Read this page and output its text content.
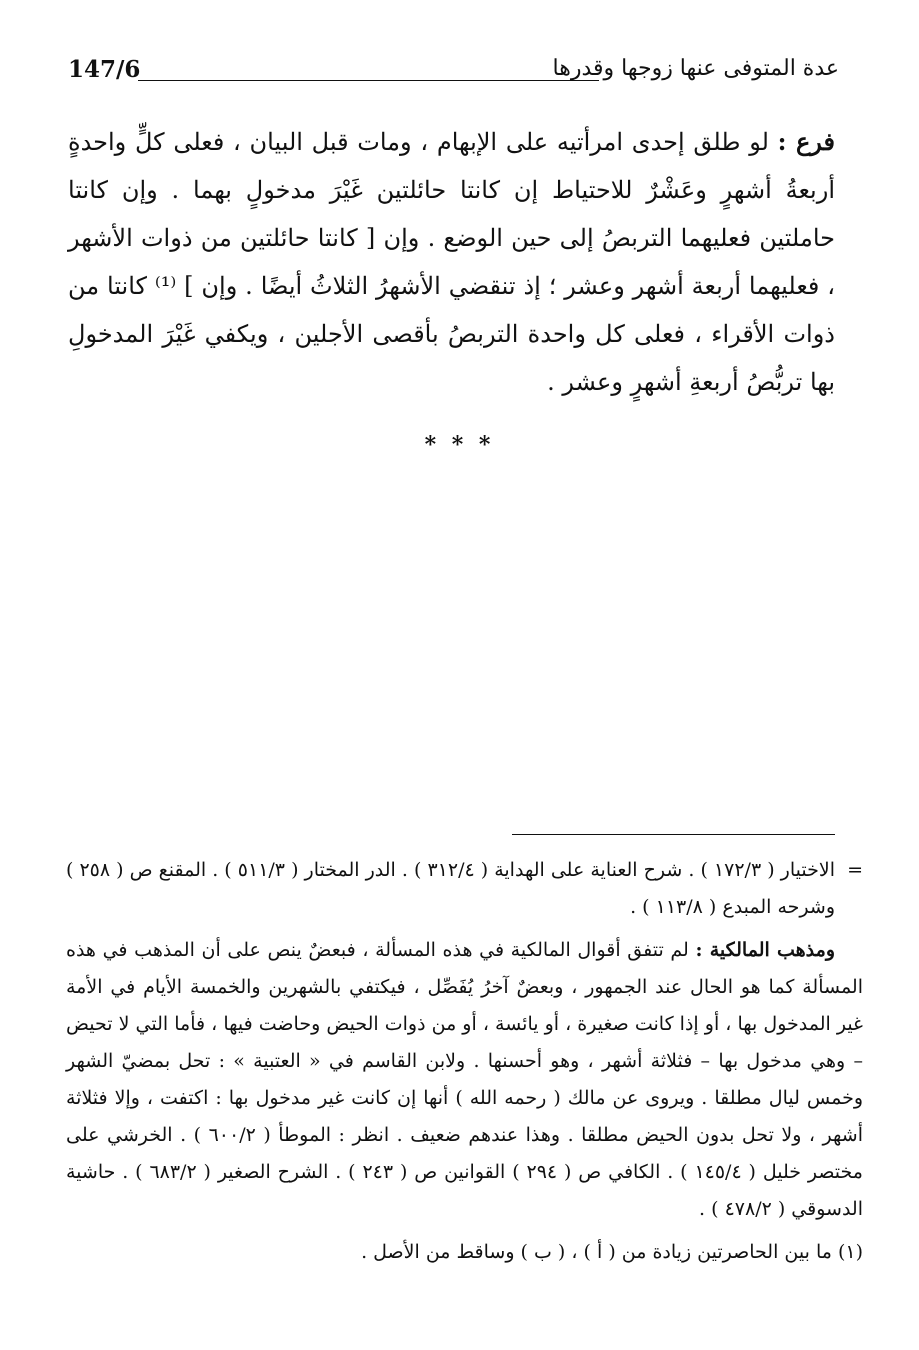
147/6	عدة المتوفى عنها زوجها وقدرها

فرع : لو طلق إحدى امرأتيه على الإبهام ، ومات قبل البيان ، فعلى كلٍّ واحدةٍ أربعةُ أشهرٍ وعَشْرٌ للاحتياط إن كانتا حائلتين غَيْرَ مدخولٍ بهما . وإن كانتا حاملتين فعليهما التربصُ إلى حين الوضع . وإن [ كانتا حائلتين من ذوات الأشهر ، فعليهما أربعة أشهر وعشر ؛ إذ تنقضي الأشهرُ الثلاثُ أيضًا . وإن ] ⁽¹⁾ كانتا من ذوات الأقراء ، فعلى كل واحدة التربصُ بأقصى الأجلين ، ويكفي غَيْرَ المدخولِ بها تربُّصُ أربعةِ أشهرٍ وعشر .

* * *

=
الاختيار ( ١٧٢/٣ ) . شرح العناية على الهداية ( ٣١٢/٤ ) . الدر المختار ( ٥١١/٣ ) . المقنع ص ( ٢٥٨ ) وشرحه المبدع ( ١١٣/٨ ) .

ومذهب المالكية : لم تتفق أقوال المالكية في هذه المسألة ، فبعضٌ ينص على أن المذهب في هذه المسألة كما هو الحال عند الجمهور ، وبعضٌ آخرُ يُفَصِّل ، فيكتفي بالشهرين والخمسة الأيام في الأمة غير المدخول بها ، أو إذا كانت صغيرة ، أو يائسة ، أو من ذوات الحيض وحاضت فيها ، فأما التي لا تحيض – وهي مدخول بها – فثلاثة أشهر ، وهو أحسنها . ولابن القاسم في « العتبية » : تحل بمضيّ الشهر وخمس ليال مطلقا . ويروى عن مالك ( رحمه الله ) أنها إن كانت غير مدخول بها : اكتفت ، وإلا فثلاثة أشهر ، ولا تحل بدون الحيض مطلقا . وهذا عندهم ضعيف . انظر : الموطأ ( ٦٠٠/٢ ) . الخرشي على مختصر خليل ( ١٤٥/٤ ) . الكافي ص ( ٢٩٤ ) القوانين ص ( ٢٤٣ ) . الشرح الصغير ( ٦٨٣/٢ ) . حاشية الدسوقي ( ٤٧٨/٢ ) .

(١) ما بين الحاصرتين زيادة من ( أ ) ، ( ب ) وساقط من الأصل .
